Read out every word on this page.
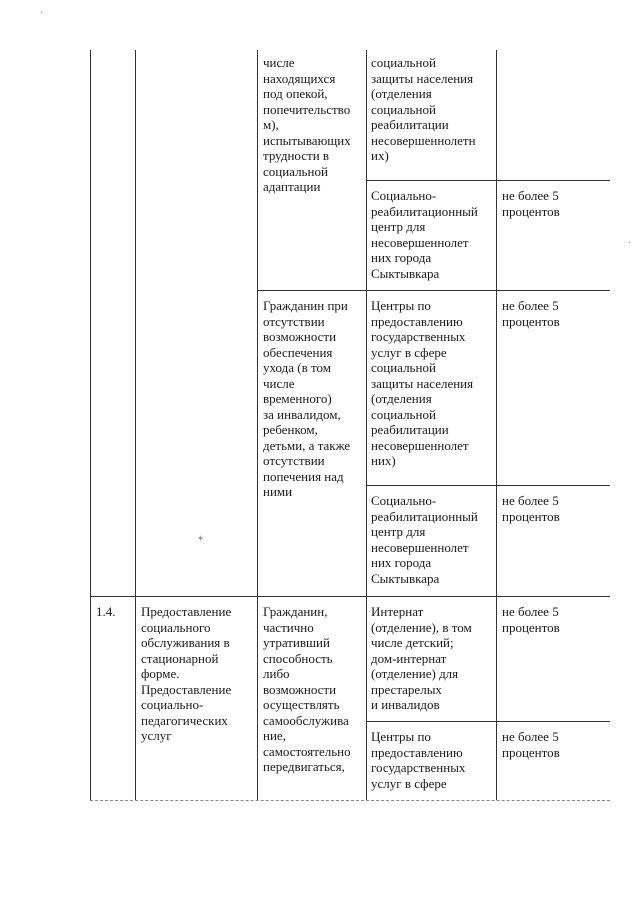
числе
находящихся
под опекой,
попечительство
м),
испытывающих
трудности в
социальной
адаптации
социальной
защиты населения
(отделения
социальной
реабилитации
несовершеннолетн
их)
Социально-
реабилитационный
центр для
несовершеннолет
них города
Сыктывкара
не более 5
процентов
Гражданин при
отсутствии
возможности
обеспечения
ухода (в том
числе
временного)
за инвалидом,
ребенком,
детьми, а также
отсутствии
попечения над
ними
Центры по
предоставлению
государственных
услуг в сфере
социальной
защиты населения
(отделения
социальной
реабилитации
несовершеннолет
них)
не более 5
процентов
Социально-
реабилитационный
центр для
несовершеннолет
них города
Сыктывкара
не более 5
процентов
1.4.	Предоставление
социального
обслуживания в
стационарной
форме.
Предоставление
социально-
педагогических
услуг
Гражданин,
частично
утративший
способность
либо
возможности
осуществлять
самообслужива
ние,
самостоятельно
передвигаться,
Интернат
(отделение), в том
числе детский;
дом-интернат
(отделение) для
престарелых
и инвалидов
не более 5
процентов
Центры по
предоставлению
государственных
услуг в сфере
не более 5
процентов
⁎
·
·
